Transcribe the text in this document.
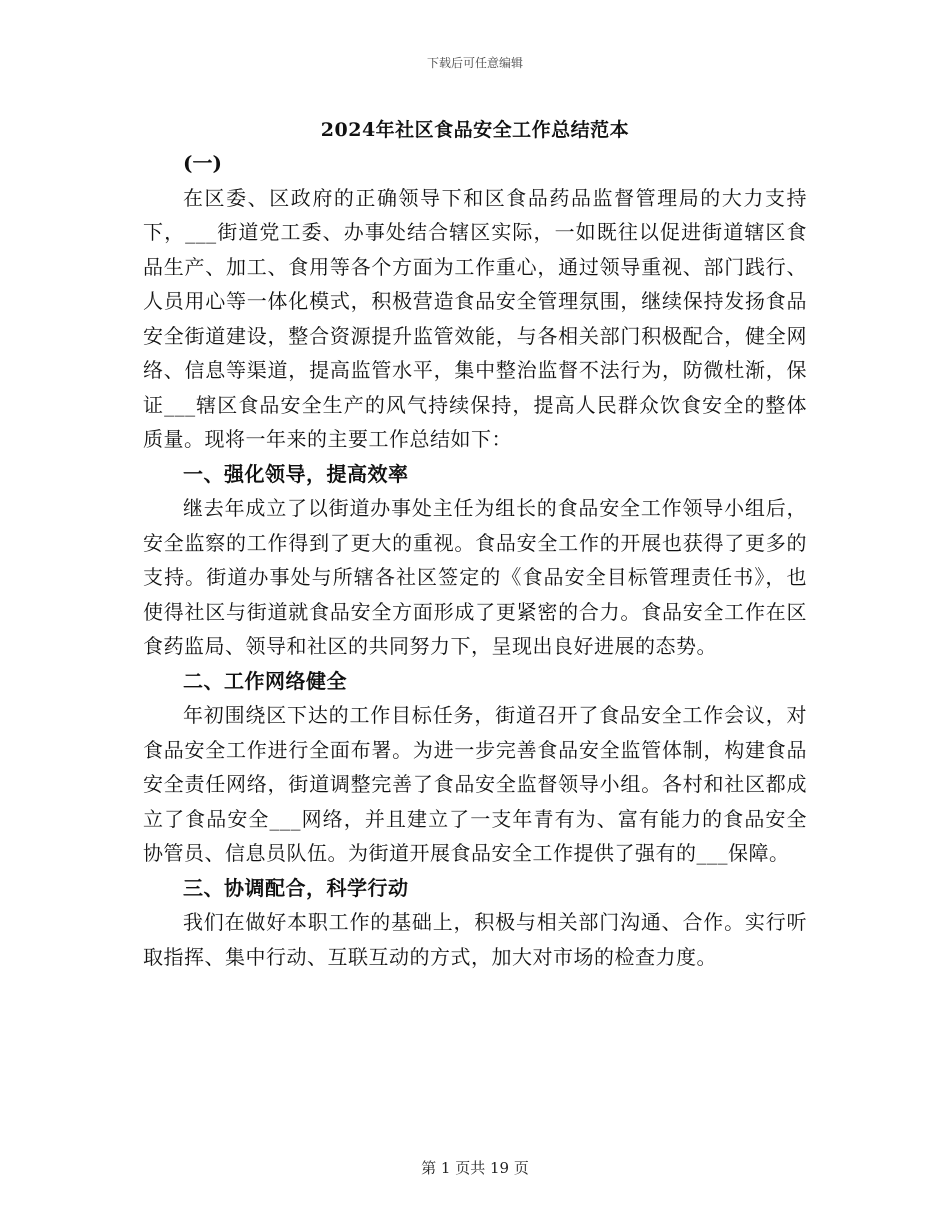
下载后可任意编辑
2024年社区食品安全工作总结范本

(一)

在区委、区政府的正确领导下和区食品药品监督管理局的大力支持下，___街道党工委、办事处结合辖区实际，一如既往以促进街道辖区食品生产、加工、食用等各个方面为工作重心，通过领导重视、部门践行、人员用心等一体化模式，积极营造食品安全管理氛围，继续保持发扬食品安全街道建设，整合资源提升监管效能，与各相关部门积极配合，健全网络、信息等渠道，提高监管水平，集中整治监督不法行为，防微杜渐，保证___辖区食品安全生产的风气持续保持，提高人民群众饮食安全的整体质量。现将一年来的主要工作总结如下：

一、强化领导，提高效率

继去年成立了以街道办事处主任为组长的食品安全工作领导小组后，安全监察的工作得到了更大的重视。食品安全工作的开展也获得了更多的支持。街道办事处与所辖各社区签定的《食品安全目标管理责任书》，也使得社区与街道就食品安全方面形成了更紧密的合力。食品安全工作在区食药监局、领导和社区的共同努力下，呈现出良好进展的态势。

二、工作网络健全

年初围绕区下达的工作目标任务，街道召开了食品安全工作会议，对食品安全工作进行全面布署。为进一步完善食品安全监管体制，构建食品安全责任网络，街道调整完善了食品安全监督领导小组。各村和社区都成立了食品安全___网络，并且建立了一支年青有为、富有能力的食品安全协管员、信息员队伍。为街道开展食品安全工作提供了强有的___保障。

三、协调配合，科学行动

我们在做好本职工作的基础上，积极与相关部门沟通、合作。实行听取指挥、集中行动、互联互动的方式，加大对市场的检查力度。

第 1 页共 19 页
